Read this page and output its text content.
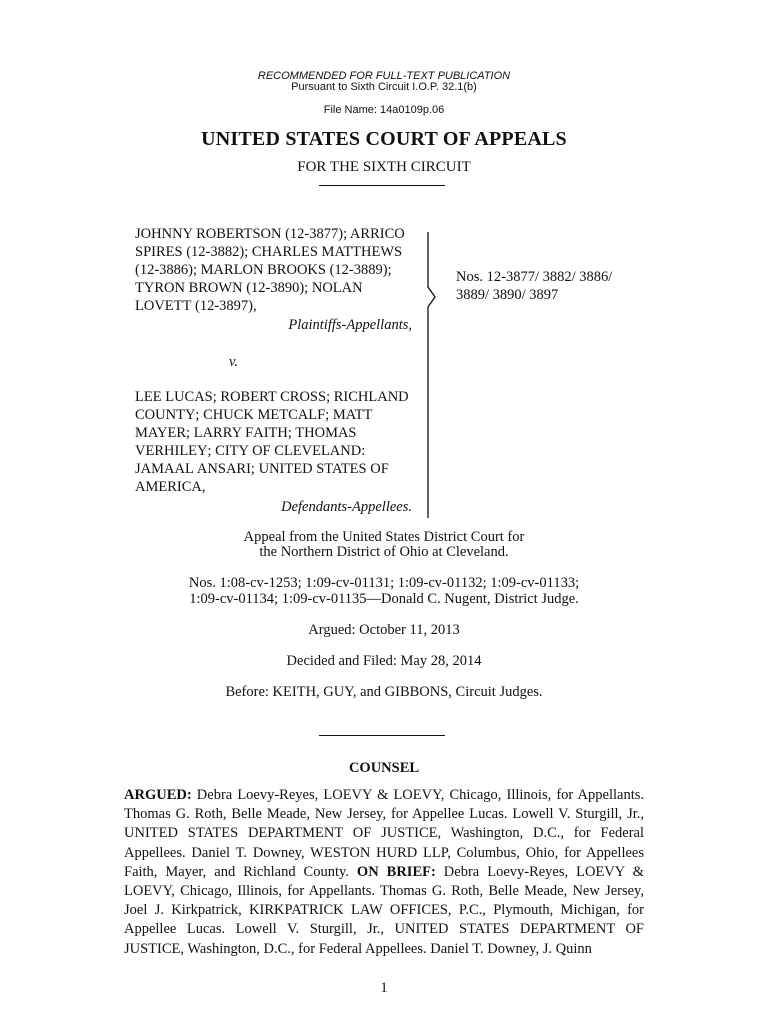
RECOMMENDED FOR FULL-TEXT PUBLICATION
Pursuant to Sixth Circuit I.O.P. 32.1(b)
File Name: 14a0109p.06
UNITED STATES COURT OF APPEALS
FOR THE SIXTH CIRCUIT
JOHNNY ROBERTSON (12-3877); ARRICO SPIRES (12-3882); CHARLES MATTHEWS (12-3886); MARLON BROOKS (12-3889); TYRON BROWN (12-3890); NOLAN LOVETT (12-3897),
Plaintiffs-Appellants,
v.
LEE LUCAS; ROBERT CROSS; RICHLAND COUNTY; CHUCK METCALF; MATT MAYER; LARRY FAITH; THOMAS VERHILEY; CITY OF CLEVELAND: JAMAAL ANSARI; UNITED STATES OF AMERICA,
Defendants-Appellees.
Nos. 12-3877/ 3882/ 3886/ 3889/ 3890/ 3897
Appeal from the United States District Court for
the Northern District of Ohio at Cleveland.
Nos. 1:08-cv-1253; 1:09-cv-01131; 1:09-cv-01132; 1:09-cv-01133;
1:09-cv-01134; 1:09-cv-01135—Donald C. Nugent, District Judge.
Argued: October 11, 2013
Decided and Filed: May 28, 2014
Before: KEITH, GUY, and GIBBONS, Circuit Judges.
COUNSEL
ARGUED: Debra Loevy-Reyes, LOEVY & LOEVY, Chicago, Illinois, for Appellants. Thomas G. Roth, Belle Meade, New Jersey, for Appellee Lucas. Lowell V. Sturgill, Jr., UNITED STATES DEPARTMENT OF JUSTICE, Washington, D.C., for Federal Appellees. Daniel T. Downey, WESTON HURD LLP, Columbus, Ohio, for Appellees Faith, Mayer, and Richland County. ON BRIEF: Debra Loevy-Reyes, LOEVY & LOEVY, Chicago, Illinois, for Appellants. Thomas G. Roth, Belle Meade, New Jersey, Joel J. Kirkpatrick, KIRKPATRICK LAW OFFICES, P.C., Plymouth, Michigan, for Appellee Lucas. Lowell V. Sturgill, Jr., UNITED STATES DEPARTMENT OF JUSTICE, Washington, D.C., for Federal Appellees. Daniel T. Downey, J. Quinn
1
